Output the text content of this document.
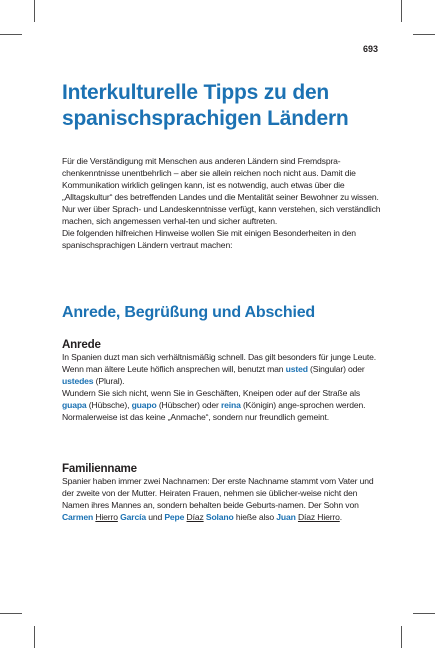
693
Interkulturelle Tipps zu den spanischsprachigen Ländern

Für die Verständigung mit Menschen aus anderen Ländern sind Fremdspra-chenkenntnisse unentbehrlich – aber sie allein reichen noch nicht aus. Damit die Kommunikation wirklich gelingen kann, ist es notwendig, auch etwas über die „Alltagskultur“ des betreffenden Landes und die Mentalität seiner Bewohner zu wissen. Nur wer über Sprach- und Landeskenntnisse verfügt, kann verstehen, sich verständlich machen, sich angemessen verhal-ten und sicher auftreten.

Die folgenden hilfreichen Hinweise wollen Sie mit einigen Besonderheiten in den spanischsprachigen Ländern vertraut machen:

Anrede, Begrüßung und Abschied
Anrede

In Spanien duzt man sich verhältnismäßig schnell. Das gilt besonders für junge Leute. Wenn man ältere Leute höflich ansprechen will, benutzt man usted (Singular) oder ustedes (Plural).

Wundern Sie sich nicht, wenn Sie in Geschäften, Kneipen oder auf der Straße als guapa (Hübsche), guapo (Hübscher) oder reina (Königin) ange-sprochen werden. Normalerweise ist das keine „Anmache“, sondern nur freundlich gemeint.

Familienname

Spanier haben immer zwei Nachnamen: Der erste Nachname stammt vom Vater und der zweite von der Mutter. Heiraten Frauen, nehmen sie üblicher-weise nicht den Namen ihres Mannes an, sondern behalten beide Geburts-namen. Der Sohn von Carmen Hierro García und Pepe Díaz Solano hieße also Juan Díaz Hierro.
